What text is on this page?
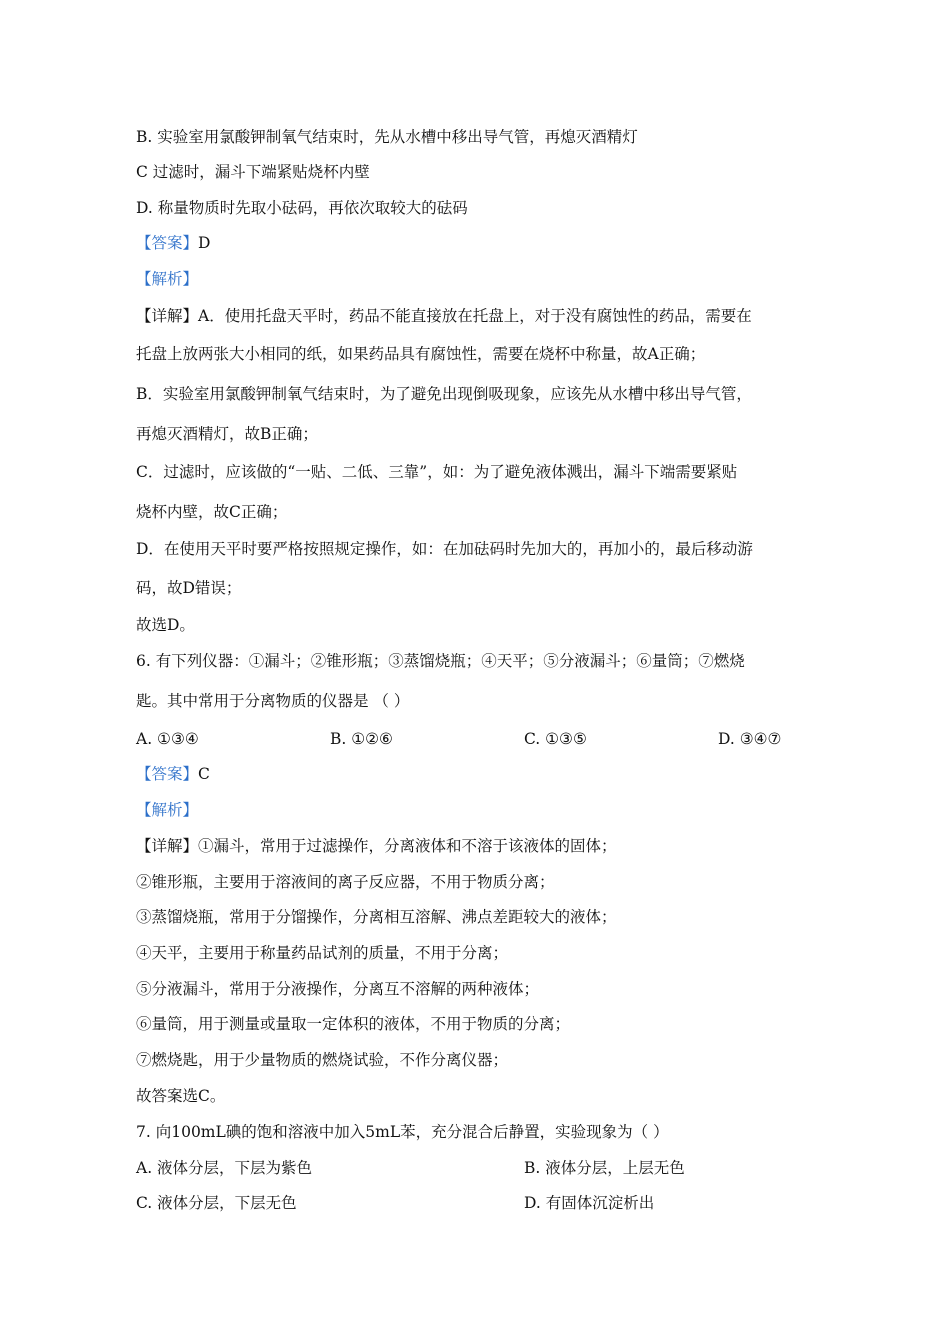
B. 实验室用氯酸钾制氧气结束时，先从水槽中移出导气管，再熄灭酒精灯
C 过滤时，漏斗下端紧贴烧杯内壁
D. 称量物质时先取小砝码，再依次取较大的砝码
【答案】D
【解析】
【详解】A．使用托盘天平时，药品不能直接放在托盘上，对于没有腐蚀性的药品，需要在
托盘上放两张大小相同的纸，如果药品具有腐蚀性，需要在烧杯中称量，故A正确；
B．实验室用氯酸钾制氧气结束时，为了避免出现倒吸现象，应该先从水槽中移出导气管，
再熄灭酒精灯，故B正确；
C．过滤时，应该做的“一贴、二低、三靠”，如：为了避免液体溅出，漏斗下端需要紧贴
烧杯内壁，故C正确；
D．在使用天平时要严格按照规定操作，如：在加砝码时先加大的，再加小的，最后移动游
码，故D错误；
故选D。
6. 有下列仪器：①漏斗；②锥形瓶；③蒸馏烧瓶；④天平；⑤分液漏斗；⑥量筒；⑦燃烧
匙。其中常用于分离物质的仪器是 （ ）
A. ①③④	B. ①②⑥	C. ①③⑤	D. ③④⑦
【答案】C
【解析】
【详解】①漏斗，常用于过滤操作，分离液体和不溶于该液体的固体；
②锥形瓶，主要用于溶液间的离子反应器，不用于物质分离；
③蒸馏烧瓶，常用于分馏操作，分离相互溶解、沸点差距较大的液体；
④天平，主要用于称量药品试剂的质量，不用于分离；
⑤分液漏斗，常用于分液操作，分离互不溶解的两种液体；
⑥量筒，用于测量或量取一定体积的液体，不用于物质的分离；
⑦燃烧匙，用于少量物质的燃烧试验，不作分离仪器；
故答案选C。
7. 向100mL碘的饱和溶液中加入5mL苯，充分混合后静置，实验现象为（ ）
A. 液体分层，下层为紫色	B. 液体分层，上层无色
C. 液体分层，下层无色	D. 有固体沉淀析出
